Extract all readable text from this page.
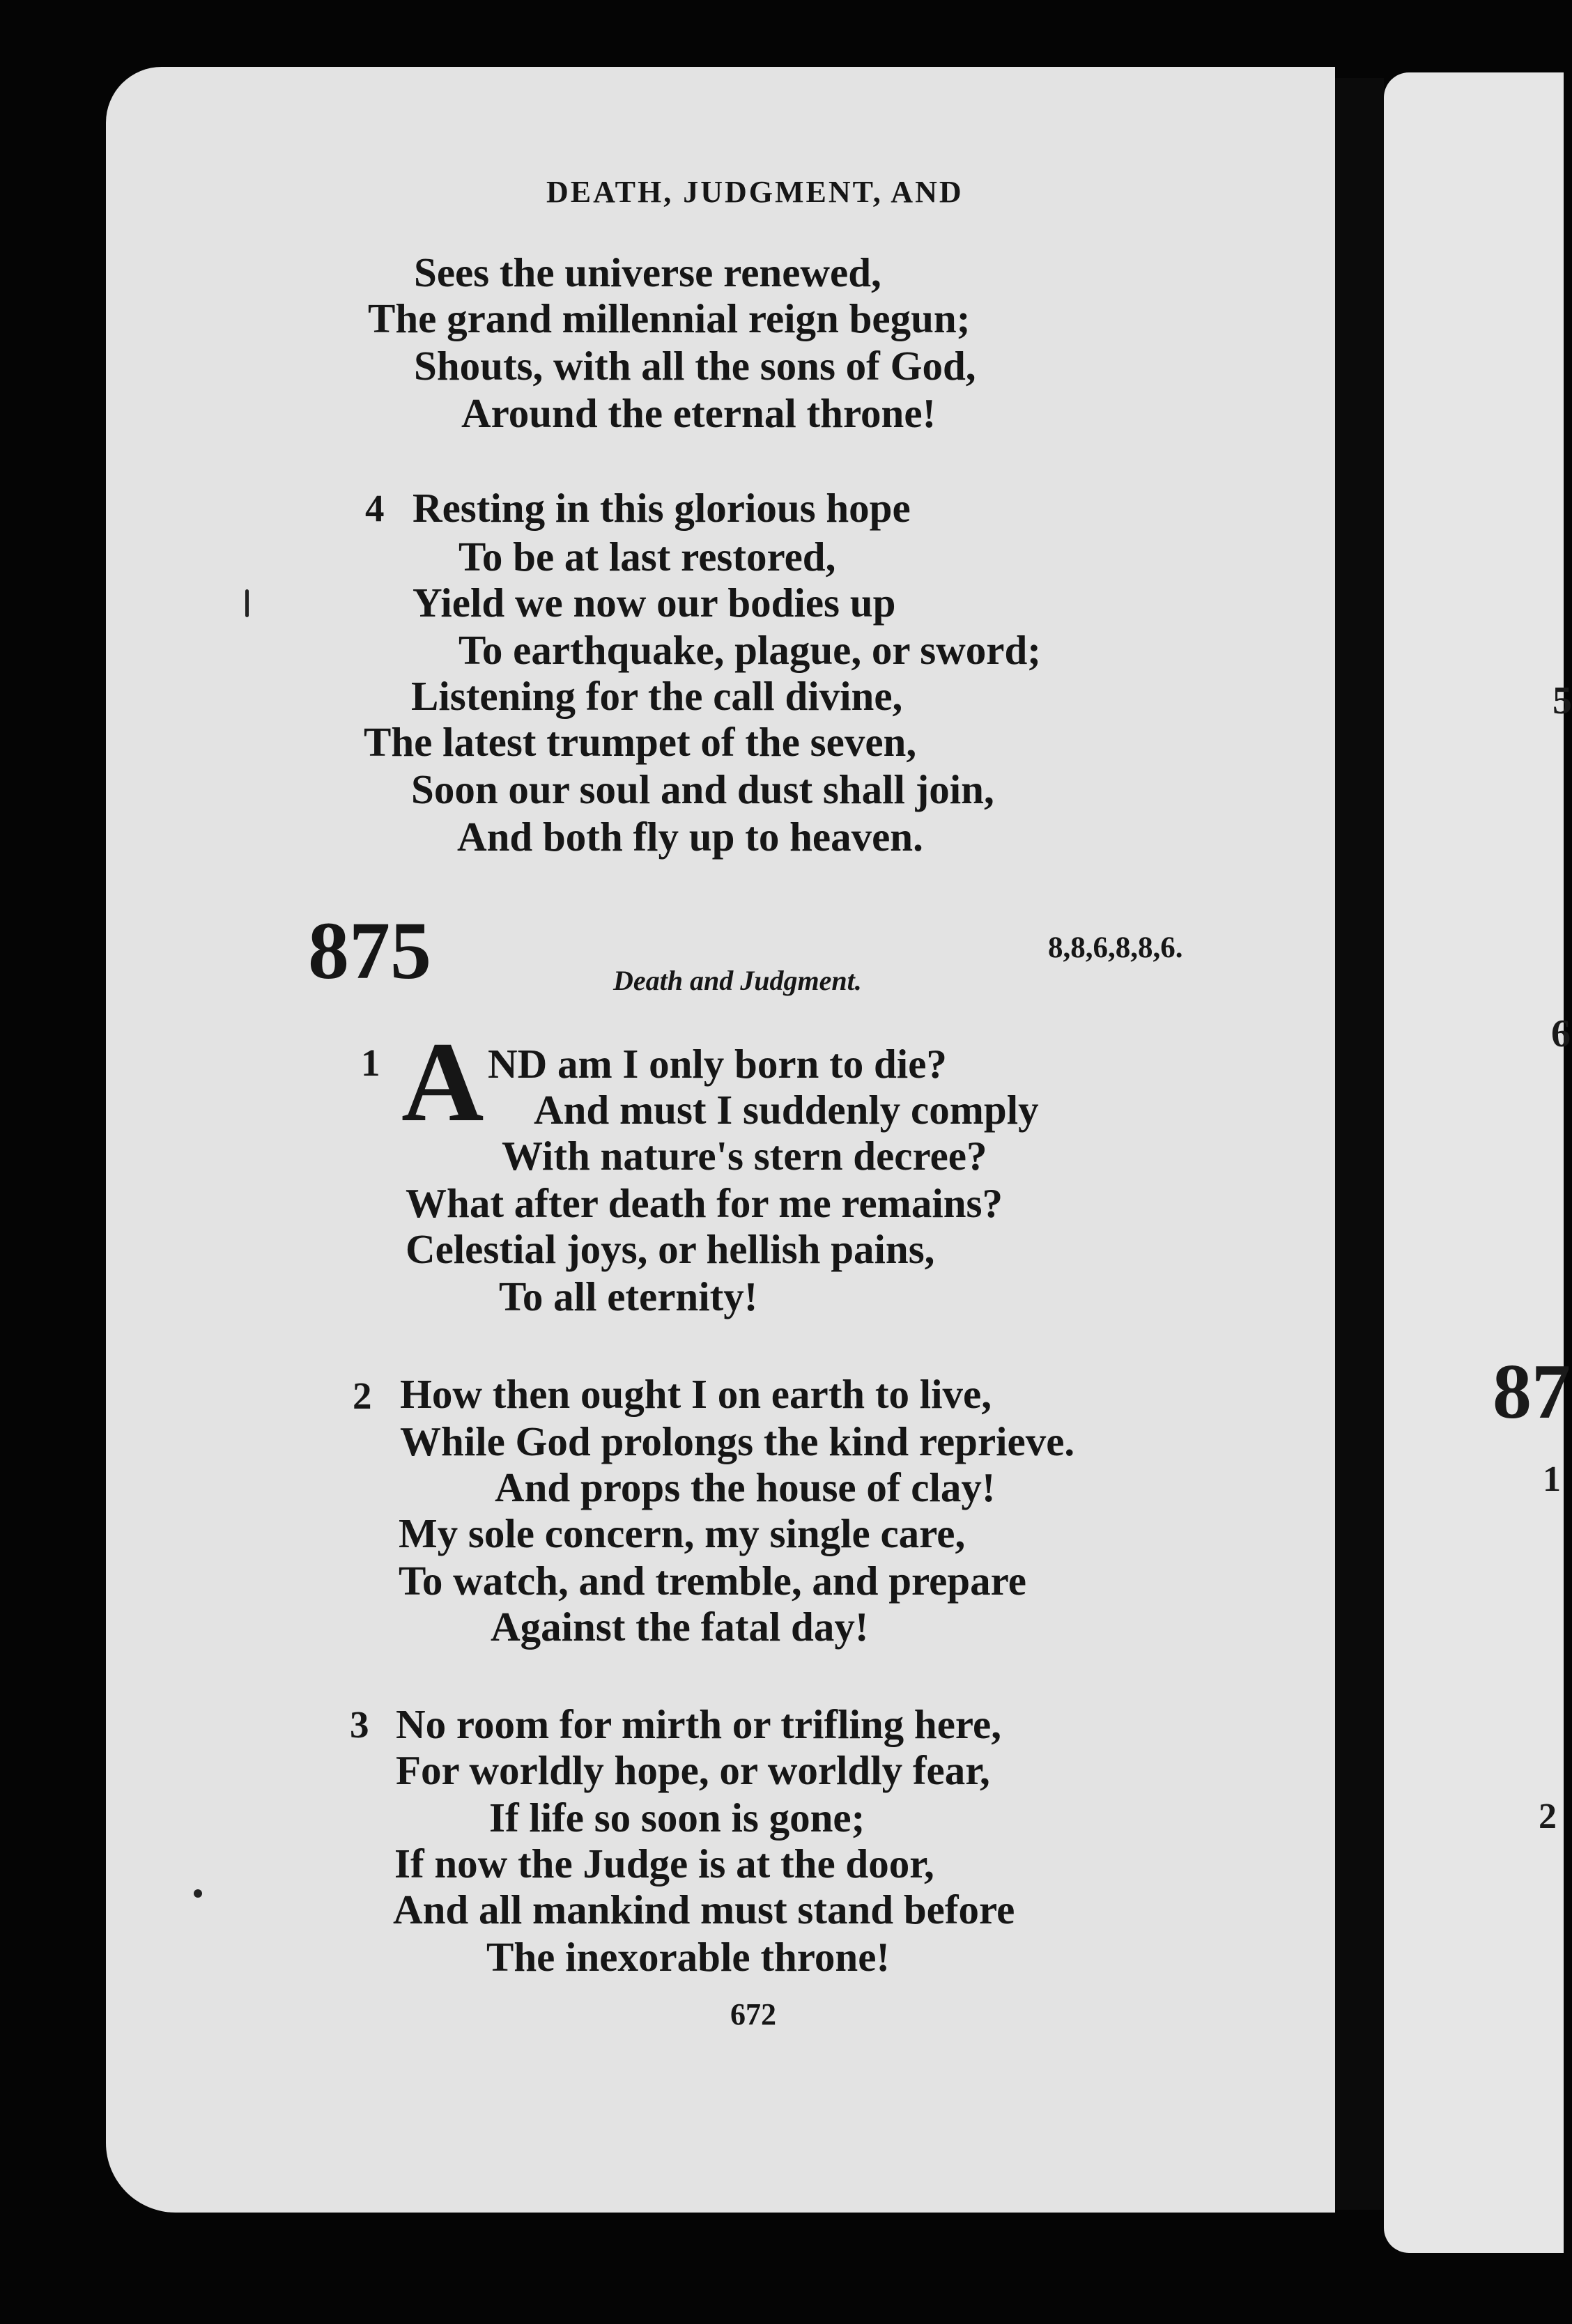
5
6
87
1
2
DEATH, JUDGMENT, AND
Sees the universe renewed,
The grand millennial reign begun;
Shouts, with all the sons of God,
Around the eternal throne!
4 Resting in this glorious hope
To be at last restored,
Yield we now our bodies up
To earthquake, plague, or sword;
Listening for the call divine,
The latest trumpet of the seven,
Soon our soul and dust shall join,
And both fly up to heaven.
875	8,8,6,8,8,6.
Death and Judgment.
1 A ND am I only born to die?
And must I suddenly comply
With nature's stern decree?
What after death for me remains?
Celestial joys, or hellish pains,
To all eternity!
2 How then ought I on earth to live,
While God prolongs the kind reprieve.
And props the house of clay!
My sole concern, my single care,
To watch, and tremble, and prepare
Against the fatal day!
3 No room for mirth or trifling here,
For worldly hope, or worldly fear,
If life so soon is gone;
If now the Judge is at the door,
And all mankind must stand before
The inexorable throne!
672
